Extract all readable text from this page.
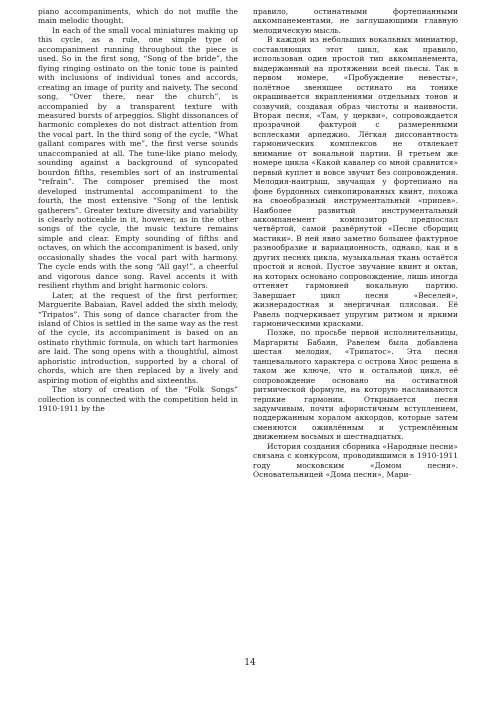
piano accompaniments, which do not muffle the main melodic thought.

In each of the small vocal miniatures making up this cycle, as a rule, one simple type of accompaniment running throughout the piece is used. So in the first song, “Song of the bride”, the flying ringing ostinato on the tonic tone is painted with inclusions of individual tones and accords, creating an image of purity and naivety. The second song, “Over there, near the church”, is accompanied by a transparent texture with measured bursts of arpeggios. Slight dissonances of harmonic complexes do not distract attention from the vocal part. In the third song of the cycle, “What gallant compares with me”, the first verse sounds unaccompanied at all. The tune-like piano melody, sounding against a background of syncopated bourdon fifths, resembles sort of an instrumental “refrain”. The composer premised the most developed instrumental accompaniment to the fourth, the most extensive “Song of the lentisk gatherers”. Greater texture diversity and variability is clearly noticeable in it, however, as in the other songs of the cycle, the music texture remains simple and clear. Empty sounding of fifths and octaves, on which the accompaniment is based, only occasionally shades the vocal part with harmony. The cycle ends with the song “All gay!”, a cheerful and vigorous dance song. Ravel accents it with resilient rhythm and bright harmonic colors.

Later, at the request of the first performer, Marguerite Babaian, Ravel added the sixth melody, “Tripatos”. This song of dance character from the island of Chios is settled in the same way as the rest of the cycle, its accompaniment is based on an ostinato rhythmic formula, on which tart harmonies are laid. The song opens with a thoughtful, almost aphoristic introduction, supported by a choral of chords, which are then replaced by a lively and aspiring motion of eighths and sixteenths.

The story of creation of the “Folk Songs” collection is connected with the competition held in 1910-1911 by the

правило, остинатными фортепианными аккомпанементами, не заглушающими главную мелодическую мысль.

В каждой из небольших вокальных миниатюр, составляющих этот цикл, как правило, использован один простой тип аккомпанемента, выдержанный на протяжении всей пьесы. Так в первом номере, «Пробуждение невесты», полётное звенящее остинато на тонике окрашивается вкраплениями отдельных тонов и созвучий, создавая образ чистоты и наивности. Вторая песня, «Там, у церкви», сопровождается прозрачной фактурой с размеренными всплесками арпеджио. Лёгкая диссонантность гармонических комплексов не отвлекает внимание от вокальной партии. В третьем же номере цикла «Какой кавалер со мной сравнится» первый куплет и вовсе звучит без сопровождения. Мелодия-наигрыш, звучащая у фортепиано на фоне бурдонных синкопированных квинт, похожа на своеобразный инструментальный «припев». Наиболее развитый инструментальный аккомпанемент композитор предпослал четвёртой, самой развёрнутой «Песне сборщиц мастики». В ней явно заметно большее фактурное разнообразие и вариационность, однако, как и в других песнях цикла, музыкальная ткань остаётся простой и ясной. Пустое звучание квинт и октав, на которых основано сопровождение, лишь иногда оттеняет гармонией вокальную партию. Завершает цикл песня «Веселей», жизнерадостная и энергичная плясовая. Её Равель подчеркивает упругим ритмом и яркими гармоническими красками.

Позже, по просьбе первой исполнительницы, Маргариты Бабаян, Равелем была добавлена шестая мелодия, «Трипатос». Эта песня танцевального характера с острова Хиос решена в таком же ключе, что и остальной цикл, её сопровождение основано на остинатной ритмической формуле, на которую наслаиваются терпкие гармонии. Открывается песня задумчивым, почти афористичным вступлением, поддержанным хоралом аккордов, которые затем сменяются оживлённым и устремлённым движением восьмых и шестнадцатых.

История создания сборника «Народные песни» связана с конкурсом, проводившимся в 1910-1911 году московским «Домом песни». Основательницей «Дома песни», Мари-

14
